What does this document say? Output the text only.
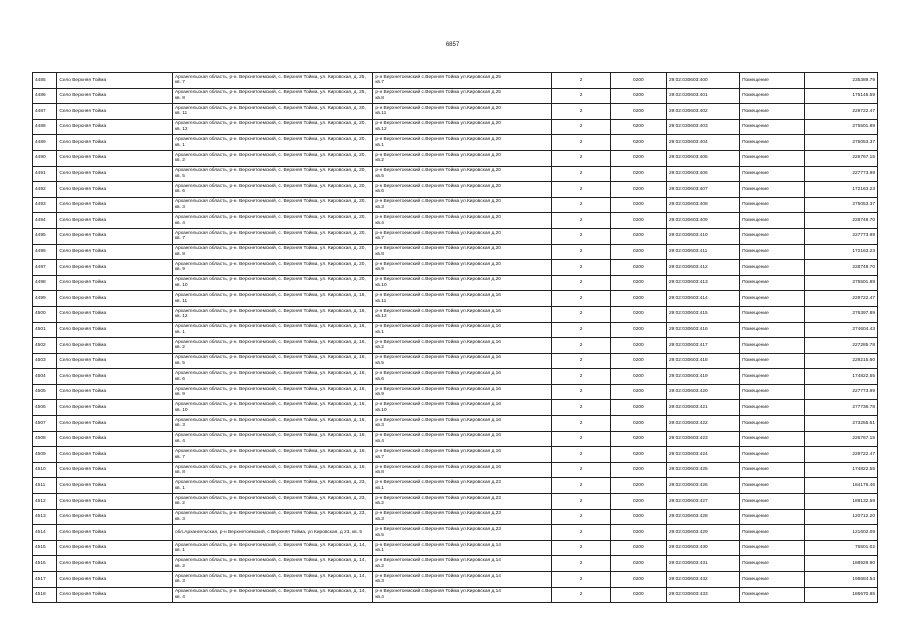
6857
4485	Село Верхняя Тойма	Архангельская область, р-н. Верхнетоемский, с. Верхняя Тойма, ул. Кировская, д. 25,
кв. 7	р-н Верхнетоемский с.Верхняя Тойма ул.Кировская д.25
кв.7	2	0200	29:02:030603:400	Помещение	235389.79
4486	Село Верхняя Тойма	Архангельская область, р-н. Верхнетоемский, с. Верхняя Тойма, ул. Кировская, д. 25,
кв. 8	р-н Верхнетоемский с.Верхняя Тойма ул.Кировская д.25
кв.8	2	0200	29:02:030603:401	Помещение	175145.59
4487	Село Верхняя Тойма	Архангельская область, р-н. Верхнетоемский, с. Верхняя Тойма, ул. Кировская, д. 20,
кв. 11	р-н Верхнетоемский с.Верхняя Тойма ул.Кировская д.20
кв.11	2	0200	29:02:030603:402	Помещение	229722.47
4488	Село Верхняя Тойма	Архангельская область, р-н. Верхнетоемский, с. Верхняя Тойма, ул. Кировская, д. 20,
кв. 12	р-н Верхнетоемский с.Верхняя Тойма ул.Кировская д.20
кв.12	2	0200	29:02:030603:403	Помещение	275501.89
4489	Село Верхняя Тойма	Архангельская область, р-н. Верхнетоемский, с. Верхняя Тойма, ул. Кировская, д. 20,
кв. 1	р-н Верхнетоемский с.Верхняя Тойма ул.Кировская д.20
кв.1	2	0200	29:02:030603:404	Помещение	275053.37
4490	Село Верхняя Тойма	Архангельская область, р-н. Верхнетоемский, с. Верхняя Тойма, ул. Кировская, д. 20,
кв. 2	р-н Верхнетоемский с.Верхняя Тойма ул.Кировская д.20
кв.2	2	0200	29:02:030603:405	Помещение	226767.15
4491	Село Верхняя Тойма	Архангельская область, р-н. Верхнетоемский, с. Верхняя Тойма, ул. Кировская, д. 20,
кв. 5	р-н Верхнетоемский с.Верхняя Тойма ул.Кировская д.20
кв.5	2	0200	29:02:030603:406	Помещение	227773.99
4492	Село Верхняя Тойма	Архангельская область, р-н. Верхнетоемский, с. Верхняя Тойма, ул. Кировская, д. 20,
кв. 6	р-н Верхнетоемский с.Верхняя Тойма ул.Кировская д.20
кв.6	2	0200	29:02:030603:407	Помещение	172163.23
4493	Село Верхняя Тойма	Архангельская область, р-н. Верхнетоемский, с. Верхняя Тойма, ул. Кировская, д. 20,
кв. 3	р-н Верхнетоемский с.Верхняя Тойма ул.Кировская д.20
кв.3	2	0200	29:02:030603:408	Помещение	275053.37
4494	Село Верхняя Тойма	Архангельская область, р-н. Верхнетоемский, с. Верхняя Тойма, ул. Кировская, д. 20,
кв. 4	р-н Верхнетоемский с.Верхняя Тойма ул.Кировская д.20
кв.4	2	0200	29:02:030603:409	Помещение	228748.70
4495	Село Верхняя Тойма	Архангельская область, р-н. Верхнетоемский, с. Верхняя Тойма, ул. Кировская, д. 20,
кв. 7	р-н Верхнетоемский с.Верхняя Тойма ул.Кировская д.20
кв.7	2	0200	29:02:030603:410	Помещение	227773.99
4496	Село Верхняя Тойма	Архангельская область, р-н. Верхнетоемский, с. Верхняя Тойма, ул. Кировская, д. 20,
кв. 8	р-н Верхнетоемский с.Верхняя Тойма ул.Кировская д.20
кв.8	2	0200	29:02:030603:411	Помещение	172163.23
4497	Село Верхняя Тойма	Архангельская область, р-н. Верхнетоемский, с. Верхняя Тойма, ул. Кировская, д. 20,
кв. 9	р-н Верхнетоемский с.Верхняя Тойма ул.Кировская д.20
кв.9	2	0200	29:02:030603:412	Помещение	228748.70
4498	Село Верхняя Тойма	Архангельская область, р-н. Верхнетоемский, с. Верхняя Тойма, ул. Кировская, д. 20,
кв. 10	р-н Верхнетоемский с.Верхняя Тойма ул.Кировская д.20
кв.10	2	0200	29:02:030603:413	Помещение	275501.89
4499	Село Верхняя Тойма	Архангельская область, р-н. Верхнетоемский, с. Верхняя Тойма, ул. Кировская, д. 16,
кв. 11	р-н Верхнетоемский с.Верхняя Тойма ул.Кировская д.16
кв.11	2	0200	29:02:030603:414	Помещение	229722.47
4500	Село Верхняя Тойма	Архангельская область, р-н. Верхнетоемский, с. Верхняя Тойма, ул. Кировская, д. 16,
кв. 12	р-н Верхнетоемский с.Верхняя Тойма ул.Кировская д.16
кв.12	2	0200	29:02:030603:415	Помещение	276397.89
4501	Село Верхняя Тойма	Архангельская область, р-н. Верхнетоемский, с. Верхняя Тойма, ул. Кировская, д. 16,
кв. 1	р-н Верхнетоемский с.Верхняя Тойма ул.Кировская д.16
кв.1	2	0200	29:02:030603:416	Помещение	274604.43
4502	Село Верхняя Тойма	Архангельская область, р-н. Верхнетоемский, с. Верхняя Тойма, ул. Кировская, д. 16,
кв. 2	р-н Верхнетоемский с.Верхняя Тойма ул.Кировская д.16
кв.2	2	0200	29:02:030603:417	Помещение	227285.78
4503	Село Верхняя Тойма	Архангельская область, р-н. Верхнетоемский, с. Верхняя Тойма, ул. Кировская, д. 16,
кв. 5	р-н Верхнетоемский с.Верхняя Тойма ул.Кировская д.16
кв.5	2	0200	29:02:030603:418	Помещение	229215.60
4504	Село Верхняя Тойма	Архангельская область, р-н. Верхнетоемский, с. Верхняя Тойма, ул. Кировская, д. 16,
кв. 6	р-н Верхнетоемский с.Верхняя Тойма ул.Кировская д.16
кв.6	2	0200	29:02:030603:419	Помещение	174822.55
4505	Село Верхняя Тойма	Архангельская область, р-н. Верхнетоемский, с. Верхняя Тойма, ул. Кировская, д. 16,
кв. 9	р-н Верхнетоемский с.Верхняя Тойма ул.Кировская д.16
кв.9	2	0200	29:02:030603:420	Помещение	227773.99
4506	Село Верхняя Тойма	Архангельская область, р-н. Верхнетоемский, с. Верхняя Тойма, ул. Кировская, д. 16,
кв. 10	р-н Верхнетоемский с.Верхняя Тойма ул.Кировская д.16
кв.10	2	0200	29:02:030603:421	Помещение	277736.78
4507	Село Верхняя Тойма	Архангельская область, р-н. Верхнетоемский, с. Верхняя Тойма, ул. Кировская, д. 16,
кв. 3	р-н Верхнетоемский с.Верхняя Тойма ул.Кировская д.16
кв.3	2	0200	29:02:030603:422	Помещение	273255.61
4508	Село Верхняя Тойма	Архангельская область, р-н. Верхнетоемский, с. Верхняя Тойма, ул. Кировская, д. 16,
кв. 4	р-н Верхнетоемский с.Верхняя Тойма ул.Кировская д.16
кв.4	2	0200	29:02:030603:423	Помещение	226767.15
4509	Село Верхняя Тойма	Архангельская область, р-н. Верхнетоемский, с. Верхняя Тойма, ул. Кировская, д. 16,
кв. 7	р-н Верхнетоемский с.Верхняя Тойма ул.Кировская д.16
кв.7	2	0200	29:02:030603:424	Помещение	229722.47
4510	Село Верхняя Тойма	Архангельская область, р-н. Верхнетоемский, с. Верхняя Тойма, ул. Кировская, д. 16,
кв. 8	р-н Верхнетоемский с.Верхняя Тойма ул.Кировская д.16
кв.8	2	0200	29:02:030603:425	Помещение	174822.55
4511	Село Верхняя Тойма	Архангельская область, р-н. Верхнетоемский, с. Верхняя Тойма, ул. Кировская, д. 23,
кв. 1	р-н Верхнетоемский с.Верхняя Тойма ул.Кировская д.23
кв.1	2	0200	29:02:030603:426	Помещение	184176.46
4512	Село Верхняя Тойма	Архангельская область, р-н. Верхнетоемский, с. Верхняя Тойма, ул. Кировская, д. 23,
кв. 2	р-н Верхнетоемский с.Верхняя Тойма ул.Кировская д.23
кв.2	2	0200	29:02:030603:427	Помещение	189132.59
4513	Село Верхняя Тойма	Архангельская область, р-н. Верхнетоемский, с. Верхняя Тойма, ул. Кировская, д. 23,
кв. 3	р-н Верхнетоемский с.Верхняя Тойма ул.Кировская д.23
кв.3	2	0200	29:02:030603:428	Помещение	120712.20
4514	Село Верхняя Тойма	обл.Архангельская, р-н Верхнетоемский, с Верхняя Тойма, ул Кировская, д 23, кв. 5	р-н Верхнетоемский с.Верхняя Тойма ул.Кировская д.23
кв.5	2	0200	29:02:030603:429	Помещение	121602.09
4515	Село Верхняя Тойма	Архангельская область, р-н. Верхнетоемский, с. Верхняя Тойма, ул. Кировская, д. 14,
кв. 1	р-н Верхнетоемский с.Верхняя Тойма ул.Кировская д.14
кв.1	2	0200	29:02:030603:430	Помещение	76501.02
4516	Село Верхняя Тойма	Архангельская область, р-н. Верхнетоемский, с. Верхняя Тойма, ул. Кировская, д. 14,
кв. 2	р-н Верхнетоемский с.Верхняя Тойма ул.Кировская д.14
кв.2	2	0200	29:02:030603:431	Помещение	188929.90
4517	Село Верхняя Тойма	Архангельская область, р-н. Верхнетоемский, с. Верхняя Тойма, ул. Кировская, д. 14,
кв. 3	р-н Верхнетоемский с.Верхняя Тойма ул.Кировская д.14
кв.3	2	0200	29:02:030603:432	Помещение	195684.54
4518	Село Верхняя Тойма	Архангельская область, р-н. Верхнетоемский, с. Верхняя Тойма, ул. Кировская, д. 14,
кв. 4	р-н Верхнетоемский с.Верхняя Тойма ул.Кировская д.14
кв.4	2	0200	29:02:030603:433	Помещение	186670.85
